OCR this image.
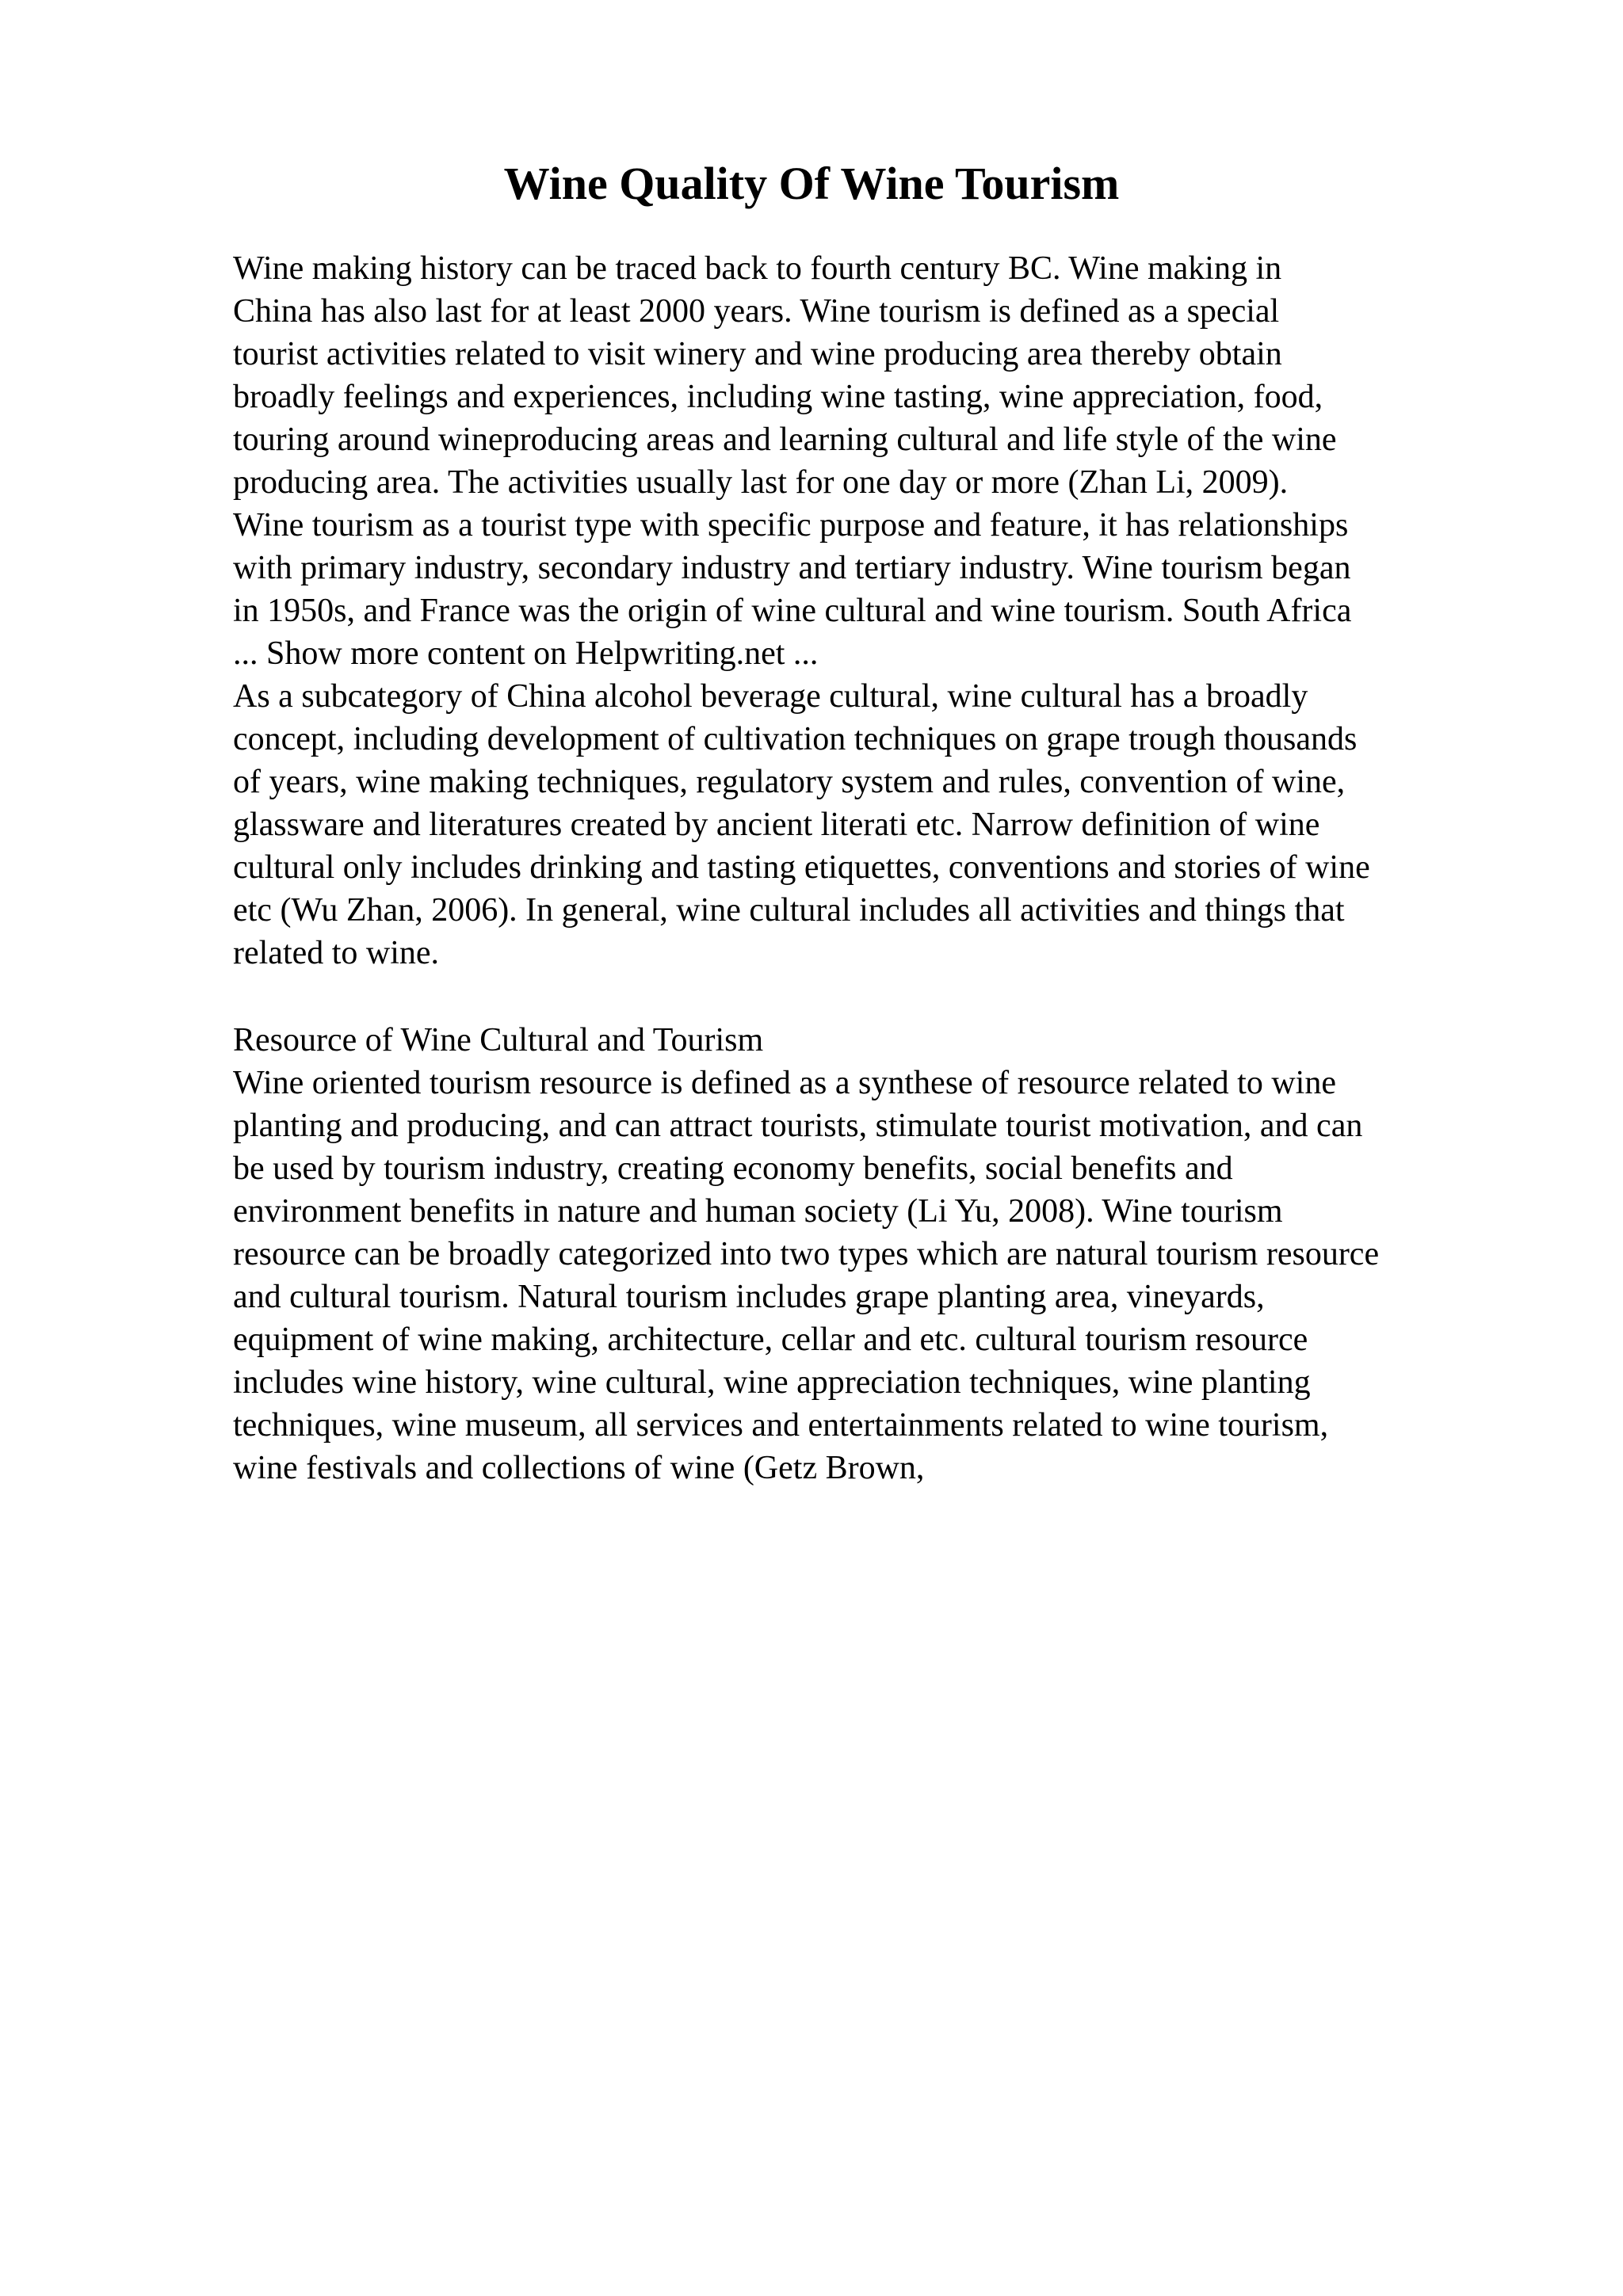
Wine Quality Of Wine Tourism
Wine making history can be traced back to fourth century BC. Wine making in
China has also last for at least 2000 years. Wine tourism is defined as a special
tourist activities related to visit winery and wine producing area thereby obtain
broadly feelings and experiences, including wine tasting, wine appreciation, food,
touring around wineproducing areas and learning cultural and life style of the wine
producing area. The activities usually last for one day or more (Zhan Li, 2009).
Wine tourism as a tourist type with specific purpose and feature, it has relationships
with primary industry, secondary industry and tertiary industry. Wine tourism began
in 1950s, and France was the origin of wine cultural and wine tourism. South Africa
... Show more content on Helpwriting.net ...
As a subcategory of China alcohol beverage cultural, wine cultural has a broadly
concept, including development of cultivation techniques on grape trough thousands
of years, wine making techniques, regulatory system and rules, convention of wine,
glassware and literatures created by ancient literati etc. Narrow definition of wine
cultural only includes drinking and tasting etiquettes, conventions and stories of wine
etc (Wu Zhan, 2006). In general, wine cultural includes all activities and things that
related to wine.
Resource of Wine Cultural and Tourism
Wine oriented tourism resource is defined as a synthese of resource related to wine
planting and producing, and can attract tourists, stimulate tourist motivation, and can
be used by tourism industry, creating economy benefits, social benefits and
environment benefits in nature and human society (Li Yu, 2008). Wine tourism
resource can be broadly categorized into two types which are natural tourism resource
and cultural tourism. Natural tourism includes grape planting area, vineyards,
equipment of wine making, architecture, cellar and etc. cultural tourism resource
includes wine history, wine cultural, wine appreciation techniques, wine planting
techniques, wine museum, all services and entertainments related to wine tourism,
wine festivals and collections of wine (Getz Brown,
